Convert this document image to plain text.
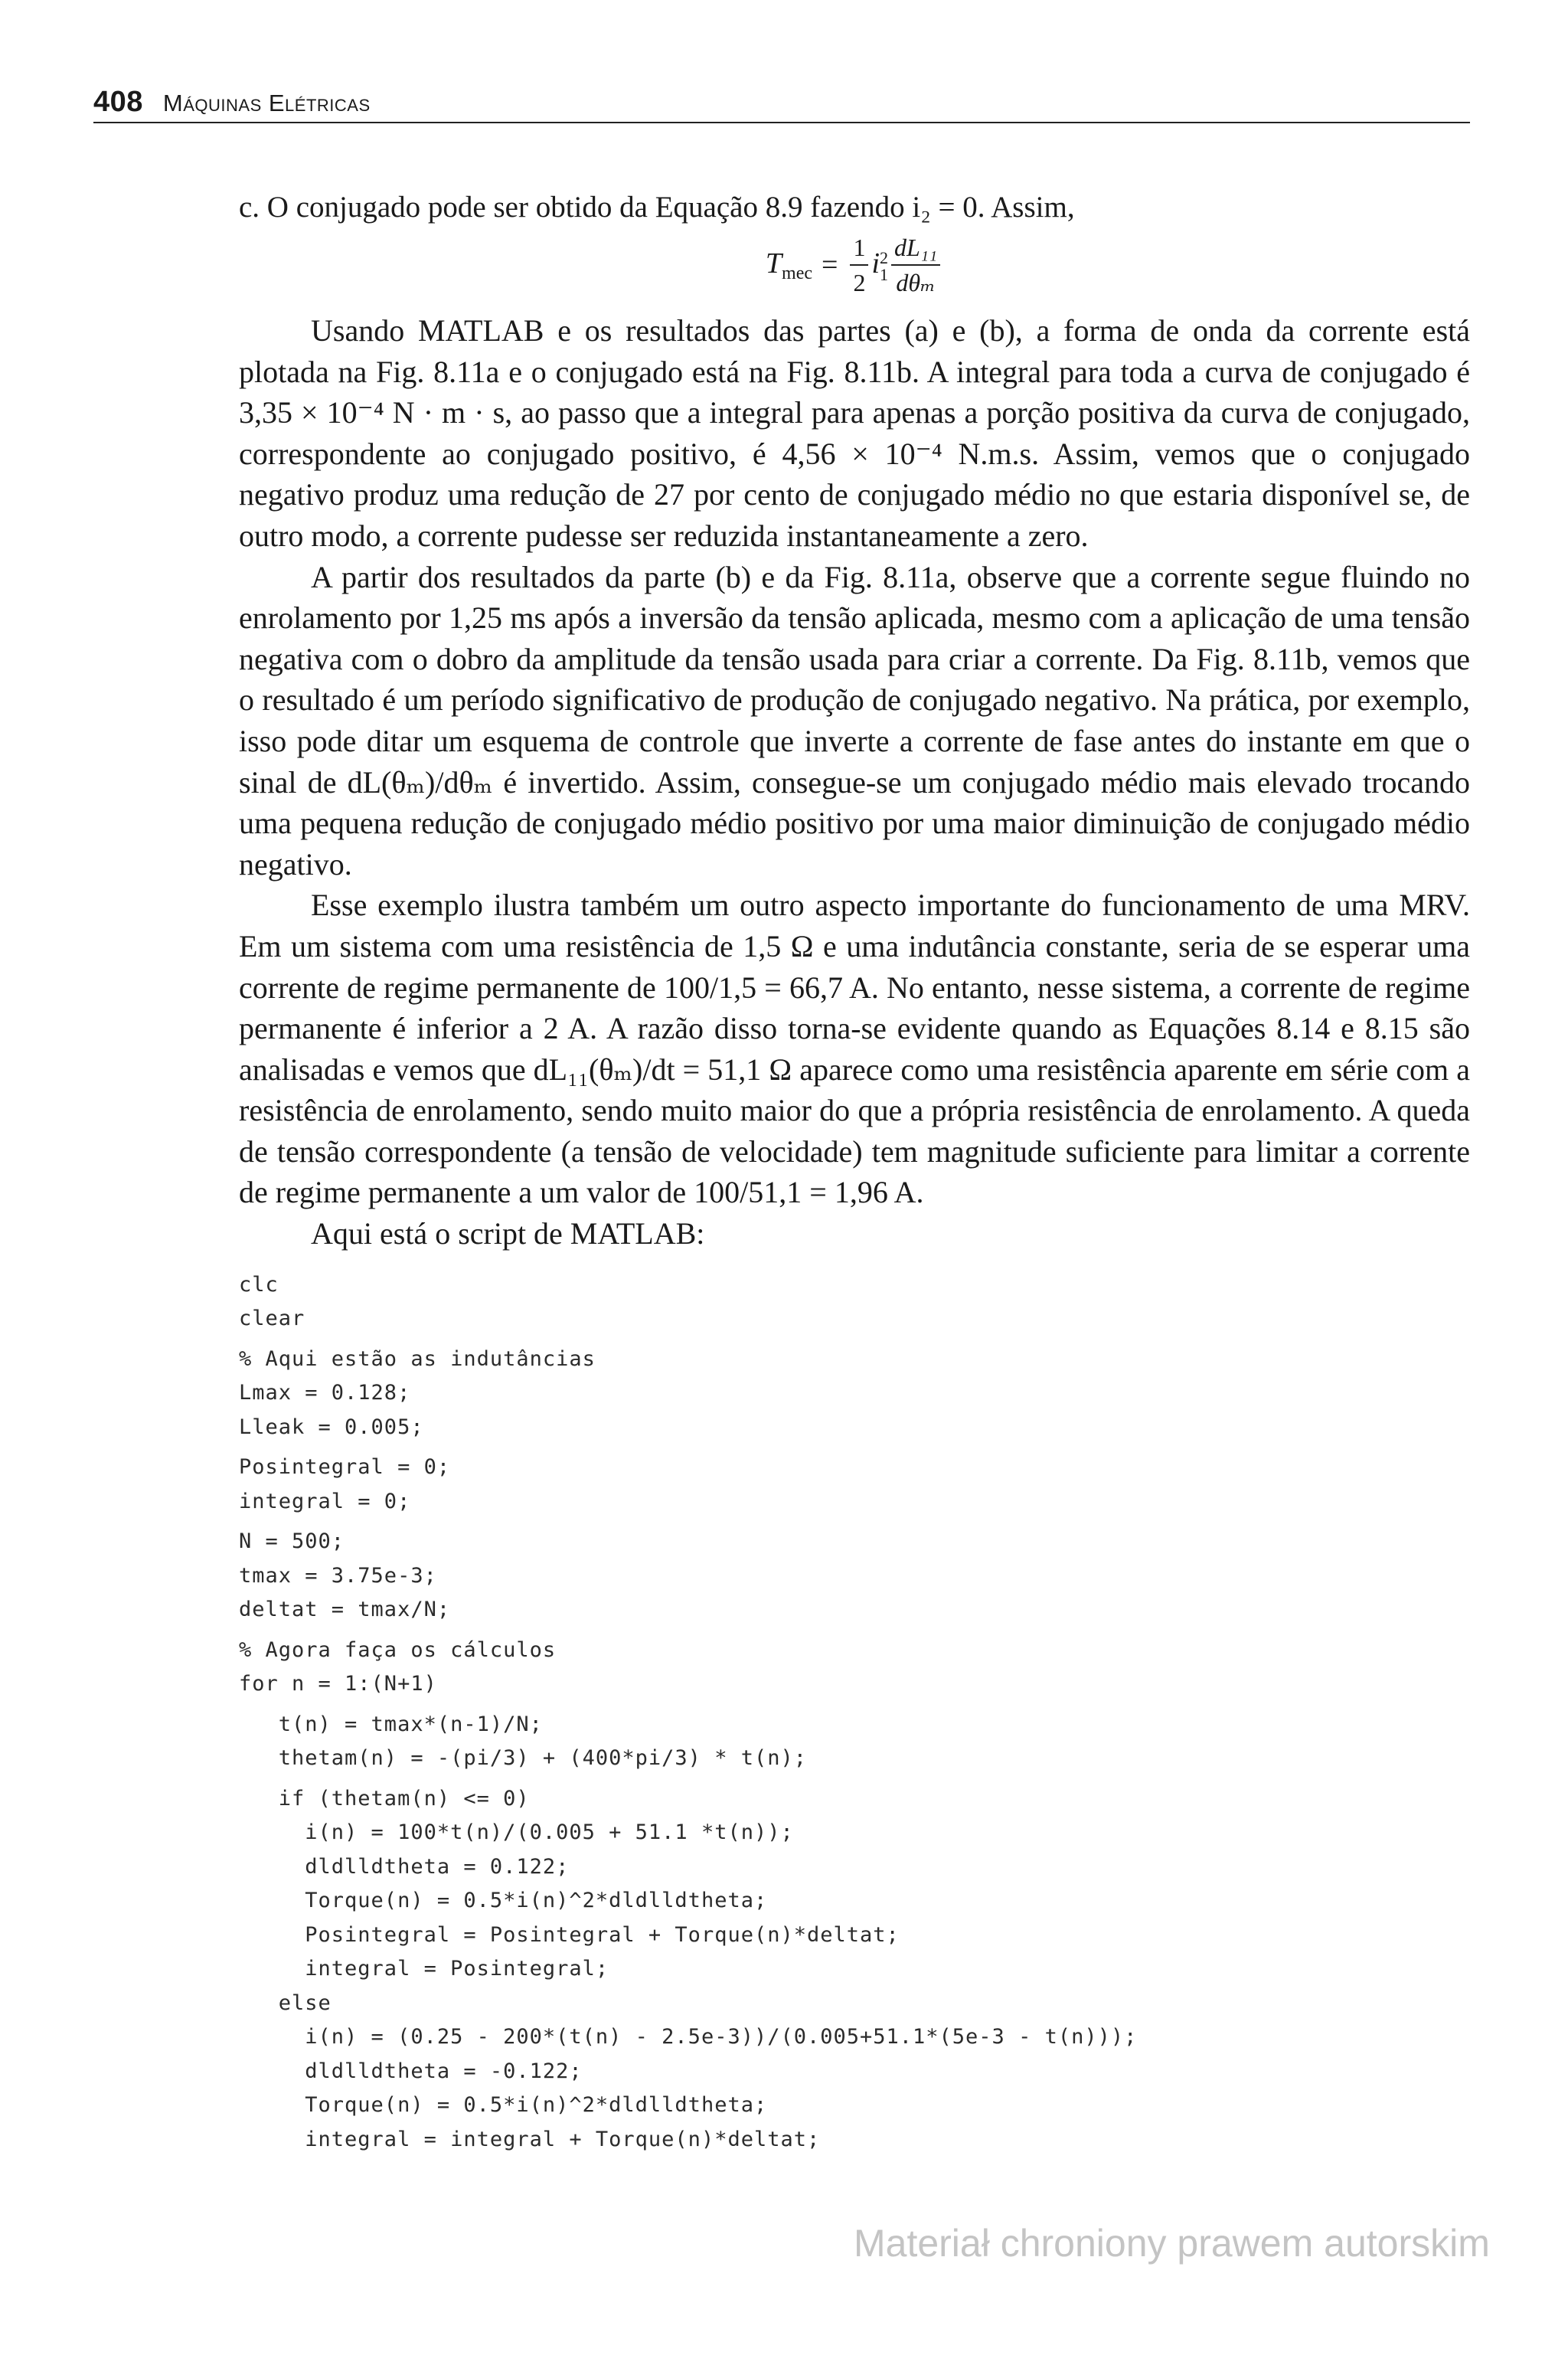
408 Máquinas Elétricas
c. O conjugado pode ser obtido da Equação 8.9 fazendo i₂ = 0. Assim,
$T_{mec} = \frac{1}{2}$ i 2
$1 \frac{\text{dL₁₁}}{\text{dθₘ}}$

Usando MATLAB e os resultados das partes (a) e (b), a forma de onda da corrente está plotada na Fig. 8.11a e o conjugado está na Fig. 8.11b. A integral para toda a curva de conjugado é 3,35 × 10⁻⁴ N · m · s, ao passo que a integral para apenas a porção positiva da curva de conjugado, correspondente ao conjugado positivo, é 4,56 × 10⁻⁴ N.m.s. Assim, vemos que o conjugado negativo produz uma redução de 27 por cento de conjugado médio no que estaria disponível se, de outro modo, a corrente pudesse ser reduzida instantaneamente a zero.

A partir dos resultados da parte (b) e da Fig. 8.11a, observe que a corrente segue fluindo no enrolamento por 1,25 ms após a inversão da tensão aplicada, mesmo com a aplicação de uma tensão negativa com o dobro da amplitude da tensão usada para criar a corrente. Da Fig. 8.11b, vemos que o resultado é um período significativo de produção de conjugado negativo. Na prática, por exemplo, isso pode ditar um esquema de controle que inverte a corrente de fase antes do instante em que o sinal de dL(θₘ)/dθₘ é invertido. Assim, consegue-se um conjugado médio mais elevado trocando uma pequena redução de conjugado médio positivo por uma maior diminuição de conjugado médio negativo.

Esse exemplo ilustra também um outro aspecto importante do funcionamento de uma MRV. Em um sistema com uma resistência de 1,5 Ω e uma indutância constante, seria de se esperar uma corrente de regime permanente de 100/1,5 = 66,7 A. No entanto, nesse sistema, a corrente de regime permanente é inferior a 2 A. A razão disso torna-se evidente quando as Equações 8.14 e 8.15 são analisadas e vemos que dL₁₁(θₘ)/dt = 51,1 Ω aparece como uma resistência aparente em série com a resistência de enrolamento, sendo muito maior do que a própria resistência de enrolamento. A queda de tensão correspondente (a tensão de velocidade) tem magnitude suficiente para limitar a corrente de regime permanente a um valor de 100/51,1 = 1,96 A.

Aqui está o script de MATLAB:

clc
clear
% Aqui estão as indutâncias
Lmax = 0.128;
Lleak = 0.005;
Posintegral = 0;
integral = 0;
N = 500;
tmax = 3.75e-3;
deltat = tmax/N;
% Agora faça os cálculos
for n = 1:(N+1)
t(n) = tmax*(n-1)/N;
thetam(n) = -(pi/3) + (400*pi/3) * t(n);
if (thetam(n) <= 0)
i(n) = 100*t(n)/(0.005 + 51.1 *t(n));
dldlldtheta = 0.122;
Torque(n) = 0.5*i(n)^2*dldlldtheta;
Posintegral = Posintegral + Torque(n)*deltat;
integral = Posintegral;
else
i(n) = (0.25 - 200*(t(n) - 2.5e-3))/(0.005+51.1*(5e-3 - t(n)));
dldlldtheta = -0.122;
Torque(n) = 0.5*i(n)^2*dldlldtheta;
integral = integral + Torque(n)*deltat;
Materiał chroniony prawem autorskim
